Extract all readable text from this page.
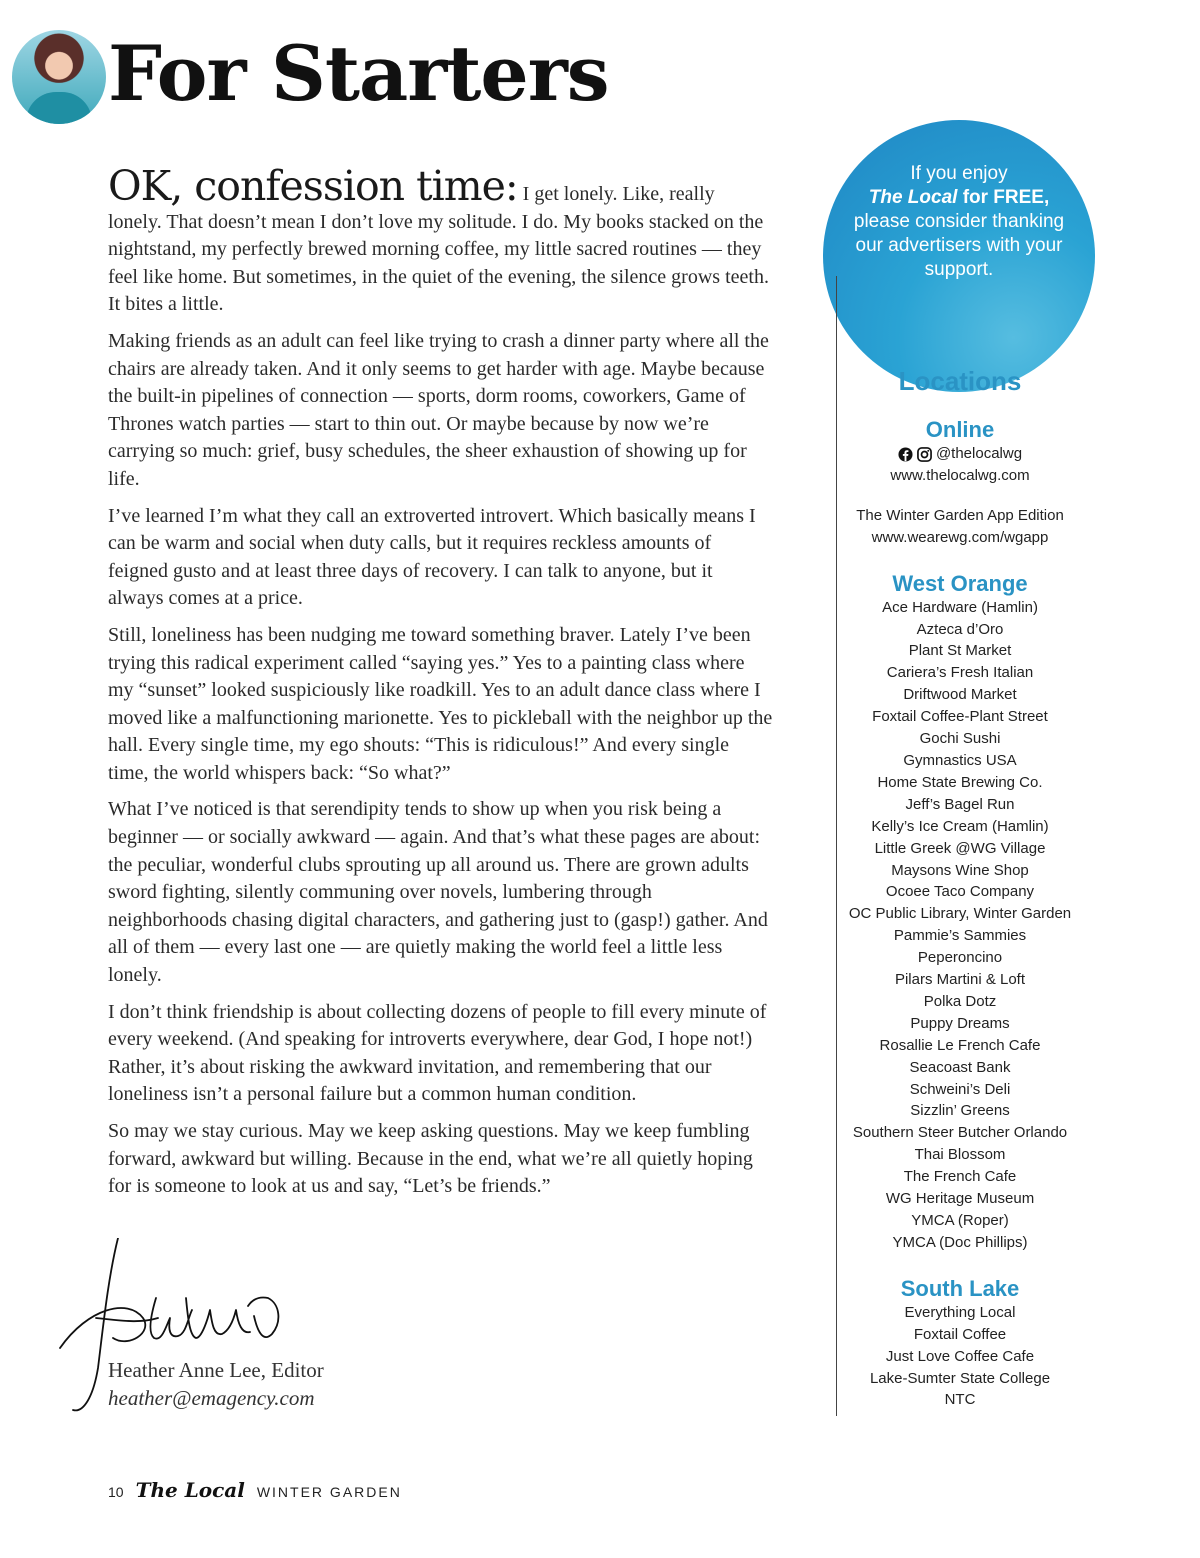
For Starters

OK, confession time: I get lonely. Like, really lonely. That doesn’t mean I don’t love my solitude. I do. My books stacked on the nightstand, my perfectly brewed morning coffee, my little sacred routines — they feel like home. But sometimes, in the quiet of the evening, the silence grows teeth. It bites a little.

Making friends as an adult can feel like trying to crash a dinner party where all the chairs are already taken. And it only seems to get harder with age. Maybe because the built-in pipelines of connection — sports, dorm rooms, coworkers, Game of Thrones watch parties — start to thin out. Or maybe because by now we’re carrying so much: grief, busy schedules, the sheer exhaustion of showing up for life.

I’ve learned I’m what they call an extroverted introvert. Which basically means I can be warm and social when duty calls, but it requires reckless amounts of feigned gusto and at least three days of recovery. I can talk to anyone, but it always comes at a price.

Still, loneliness has been nudging me toward something braver. Lately I’ve been trying this radical experiment called “saying yes.” Yes to a painting class where my “sunset” looked suspiciously like roadkill. Yes to an adult dance class where I moved like a malfunctioning marionette. Yes to pickleball with the neighbor up the hall. Every single time, my ego shouts: “This is ridiculous!” And every single time, the world whispers back: “So what?”

What I’ve noticed is that serendipity tends to show up when you risk being a beginner — or socially awkward — again. And that’s what these pages are about: the peculiar, wonderful clubs sprouting up all around us. There are grown adults sword fighting, silently communing over novels, lumbering through neighborhoods chasing digital characters, and gathering just to (gasp!) gather. And all of them — every last one — are quietly making the world feel a little less lonely.

I don’t think friendship is about collecting dozens of people to fill every minute of every weekend. (And speaking for introverts everywhere, dear God, I hope not!) Rather, it’s about risking the awkward invitation, and remembering that our loneliness isn’t a personal failure but a common human condition.

So may we stay curious. May we keep asking questions. May we keep fumbling forward, awkward but willing. Because in the end, what we’re all quietly hoping for is someone to look at us and say, “Let’s be friends.”

Heather Anne Lee, Editor
heather@emagency.com
10 The Local WINTER GARDEN
If you enjoy
The Local for FREE,
please consider thanking our advertisers with your support.
Locations
Online
@thelocalwg
www.thelocalwg.com
The Winter Garden App Edition
www.wearewg.com/wgapp
West Orange
Ace Hardware (Hamlin)
Azteca d’Oro
Plant St Market
Cariera’s Fresh Italian
Driftwood Market
Foxtail Coffee-Plant Street
Gochi Sushi
Gymnastics USA
Home State Brewing Co.
Jeff’s Bagel Run
Kelly’s Ice Cream (Hamlin)
Little Greek @WG Village
Maysons Wine Shop
Ocoee Taco Company
OC Public Library, Winter Garden
Pammie’s Sammies
Peperoncino
Pilars Martini & Loft
Polka Dotz
Puppy Dreams
Rosallie Le French Cafe
Seacoast Bank
Schweini’s Deli
Sizzlin’ Greens
Southern Steer Butcher Orlando
Thai Blossom
The French Cafe
WG Heritage Museum
YMCA (Roper)
YMCA (Doc Phillips)
South Lake
Everything Local
Foxtail Coffee
Just Love Coffee Cafe
Lake-Sumter State College
NTC
